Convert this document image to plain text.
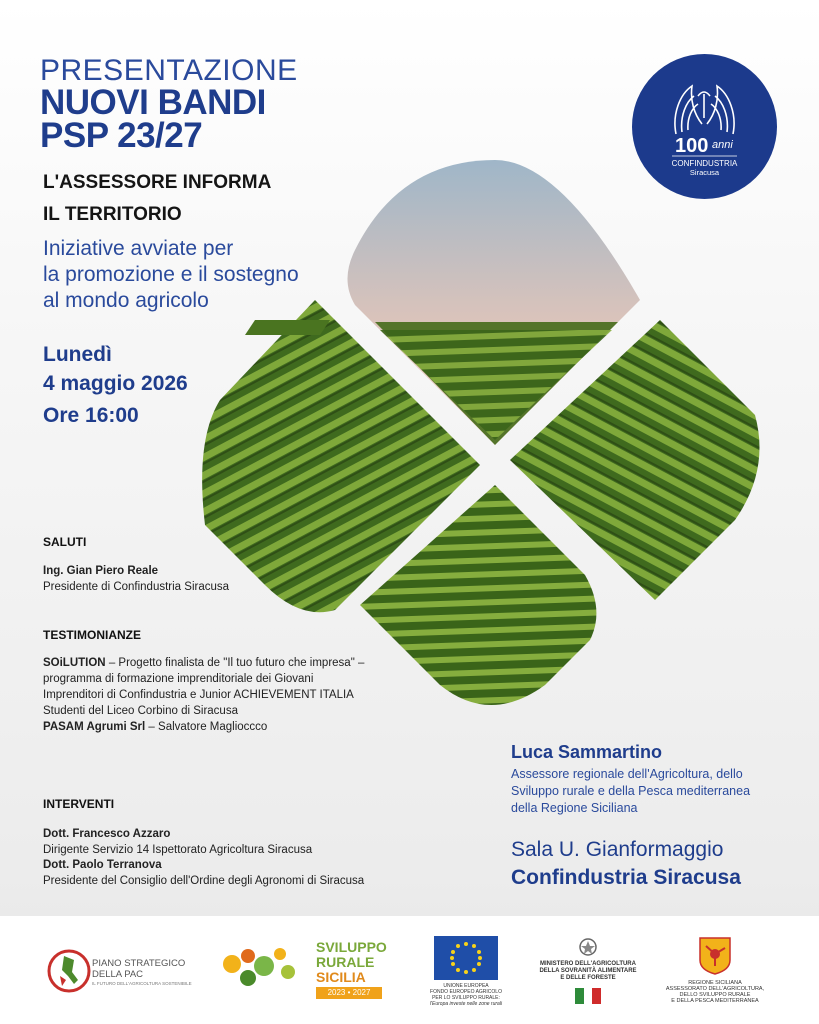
PRESENTAZIONE
NUOVI BANDI
PSP 23/27
L'ASSESSORE INFORMA
IL TERRITORIO
Iniziative avviate per
la promozione e il sostegno
al mondo agricolo
Lunedì
4 maggio 2026
Ore 16:00
100 anni
CONFINDUSTRIA
Siracusa
SALUTI
Ing. Gian Piero Reale
Presidente di Confindustria Siracusa
TESTIMONIANZE
SOiLUTION – Progetto finalista de "Il tuo futuro che impresa" –
programma di formazione imprenditoriale dei Giovani
Imprenditori di Confindustria e Junior ACHIEVEMENT ITALIA
Studenti del Liceo Corbino di Siracusa
PASAM Agrumi Srl – Salvatore Maglioccco
INTERVENTI
Dott. Francesco Azzaro
Dirigente Servizio 14 Ispettorato Agricoltura Siracusa
Dott. Paolo Terranova
Presidente del Consiglio dell'Ordine degli Agronomi di Siracusa
Luca Sammartino
Assessore regionale dell'Agricoltura, dello
Sviluppo rurale e della Pesca mediterranea
della Regione Siciliana
Sala U. Gianformaggio
Confindustria Siracusa
PIANO STRATEGICO
DELLA PAC
IL FUTURO DELL'AGRICOLTURA SOSTENIBILE
SVILUPPO
RURALE
SICILIA
2023 • 2027
UNIONE EUROPEA
FONDO EUROPEO AGRICOLO
PER LO SVILUPPO RURALE:
l'Europa investe nelle zone rurali
MINISTERO DELL'AGRICOLTURA
DELLA SOVRANITÀ ALIMENTARE
E DELLE FORESTE
REGIONE SICILIANA
ASSESSORATO DELL'AGRICOLTURA,
DELLO SVILUPPO RURALE
E DELLA PESCA MEDITERRANEA
